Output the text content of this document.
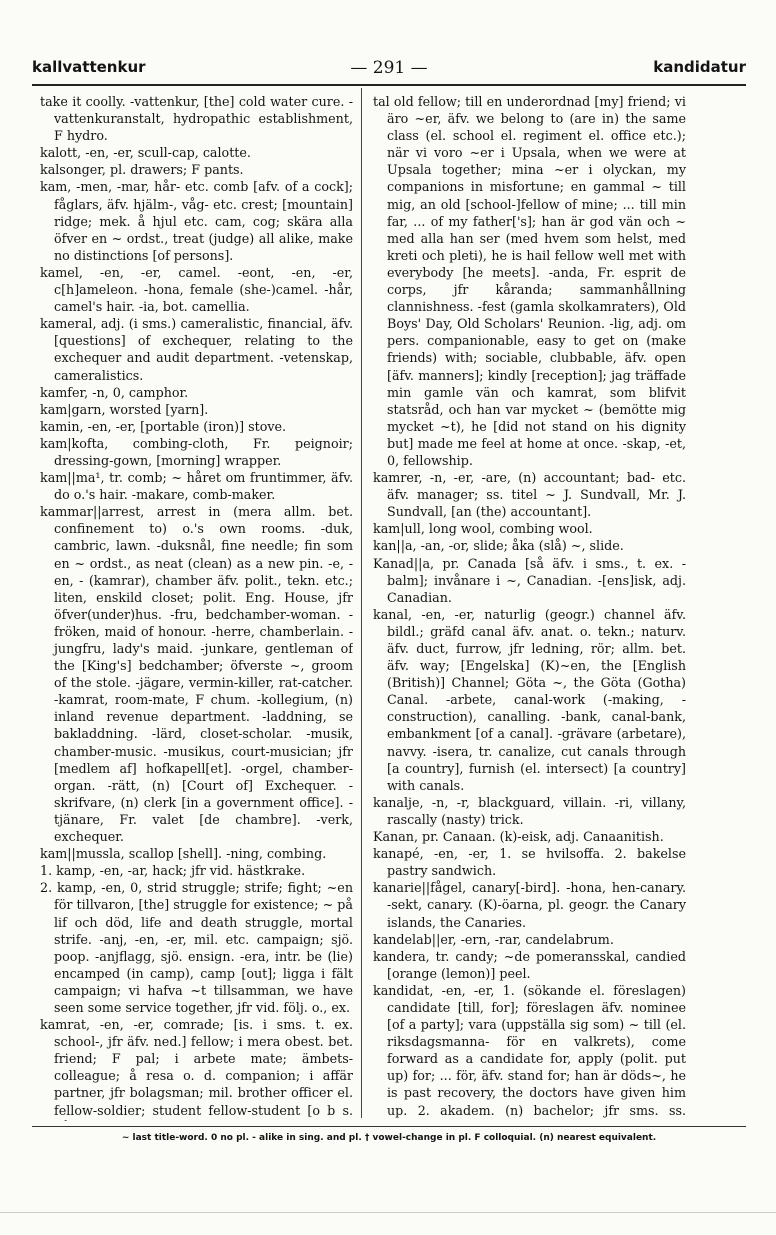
kallvattenkur	— 291 —	kandidatur

take it coolly. -vattenkur, [the] cold water cure. -vattenkuranstalt, hydropathic establishment, F hydro.

kalott, -en, -er, scull-cap, calotte.

kalsonger, pl. drawers; F pants.

kam, -men, -mar, hår- etc. comb [afv. of a cock]; fåglars, äfv. hjälm-, våg- etc. crest; [mountain] ridge; mek. å hjul etc. cam, cog; skära alla öfver en ~ ordst., treat (judge) all alike, make no distinctions [of persons].

kamel, -en, -er, camel. -eont, -en, -er, c[h]ameleon. -hona, female (she-)camel. -hår, camel's hair. -ia, bot. camellia.

kameral, adj. (i sms.) cameralistic, financial, äfv. [questions] of exchequer, relating to the exchequer and audit department. -vetenskap, cameralistics.

kamfer, -n, 0, camphor.

kam|garn, worsted [yarn].

kamin, -en, -er, [portable (iron)] stove.

kam|kofta, combing-cloth, Fr. peignoir; dressing-gown, [morning] wrapper.

kam||ma¹, tr. comb; ~ håret om fruntimmer, äfv. do o.'s hair. -makare, comb-maker.

kammar||arrest, arrest in (mera allm. bet. confinement to) o.'s own rooms. -duk, cambric, lawn. -duksnål, fine needle; fin som en ~ ordst., as neat (clean) as a new pin. -e, -en, - (kamrar), chamber äfv. polit., tekn. etc.; liten, enskild closet; polit. Eng. House, jfr öfver(under)hus. -fru, bedchamber-woman. -fröken, maid of honour. -herre, chamberlain. -jungfru, lady's maid. -junkare, gentleman of the [King's] bedchamber; öfverste ~, groom of the stole. -jägare, vermin-killer, rat-catcher. -kamrat, room-mate, F chum. -kollegium, (n) inland revenue department. -laddning, se bakladdning. -lärd, closet-scholar. -musik, chamber-music. -musikus, court-musician; jfr [medlem af] hofkapell[et]. -orgel, chamber-organ. -rätt, (n) [Court of] Exchequer. -skrifvare, (n) clerk [in a government office]. -tjänare, Fr. valet [de chambre]. -verk, exchequer.

kam||mussla, scallop [shell]. -ning, combing.

1. kamp, -en, -ar, hack; jfr vid. hästkrake.

2. kamp, -en, 0, strid struggle; strife; fight; ~en för tillvaron, [the] struggle for existence; ~ på lif och död, life and death struggle, mortal strife. -anj, -en, -er, mil. etc. campaign; sjö. poop. -anjflagg, sjö. ensign. -era, intr. be (lie) encamped (in camp), camp [out]; ligga i fält campaign; vi hafva ~t tillsamman, we have seen some service together, jfr vid. följ. o., ex.

kamrat, -en, -er, comrade; [is. i sms. t. ex. school-, jfr äfv. ned.] fellow; i mera obest. bet. friend; F pal; i arbete mate; ämbets- colleague; å resa o. d. companion; i affär partner, jfr bolagsman; mil. brother officer el. fellow-soldier; student fellow-student [o b s.

tal old fellow; till en underordnad [my] friend; vi äro ~er, äfv. we belong to (are in) the same class (el. school el. regiment el. office etc.); när vi voro ~er i Upsala, when we were at Upsala together; mina ~er i olyckan, my companions in misfortune; en gammal ~ till mig, an old [school-]fellow of mine; ... till min far, ... of my father['s]; han är god vän och ~ med alla han ser (med hvem som helst, med kreti och pleti), he is hail fellow well met with everybody [he meets]. -anda, Fr. esprit de corps, jfr kåranda; sammanhållning clannishness. -fest (gamla skolkamraters), Old Boys' Day, Old Scholars' Reunion. -lig, adj. om pers. companionable, easy to get on (make friends) with; sociable, clubbable, äfv. open [äfv. manners]; kindly [reception]; jag träffade min gamle vän och kamrat, som blifvit statsråd, och han var mycket ~ (bemötte mig mycket ~t), he [did not stand on his dignity but] made me feel at home at once. -skap, -et, 0, fellowship.

kamrer, -n, -er, -are, (n) accountant; bad- etc. äfv. manager; ss. titel ~ J. Sundvall, Mr. J. Sundvall, [an (the) accountant].

kam|ull, long wool, combing wool.

kan||a, -an, -or, slide; åka (slå) ~, slide.

Kanad||a, pr. Canada [så äfv. i sms., t. ex. -balm]; invånare i ~, Canadian. -[ens]isk, adj. Canadian.

kanal, -en, -er, naturlig (geogr.) channel äfv. bildl.; gräfd canal äfv. anat. o. tekn.; naturv. äfv. duct, furrow, jfr ledning, rör; allm. bet. äfv. way; [Engelska] (K)~en, the [English (British)] Channel; Göta ~, the Göta (Gotha) Canal. -arbete, canal-work (-making, -construction), canalling. -bank, canal-bank, embankment [of a canal]. -grävare (arbetare), navvy. -isera, tr. canalize, cut canals through [a country], furnish (el. intersect) [a country] with canals.

kanalje, -n, -r, blackguard, villain. -ri, villany, rascally (nasty) trick.

Kanan, pr. Canaan. (k)-eisk, adj. Canaanitish.

kanapé, -en, -er, 1. se hvilsoffa. 2. bakelse pastry sandwich.

kanarie||fågel, canary[-bird]. -hona, hen-canary. -sekt, canary. (K)-öarna, pl. geogr. the Canary islands, the Canaries.

kandelab||er, -ern, -rar, candelabrum.

kandera, tr. candy; ~de pomeransskal, candied [orange (lemon)] peel.

kandidat, -en, -er, 1. (sökande el. föreslagen) candidate [till, for]; föreslagen äfv. nominee [of a party]; vara (uppställa sig som) ~ till (el. riksdagsmanna- för en valkrets), come forward as a candidate for, apply (polit. put up) for; ... för, äfv. stand for; han är döds~, he is past recovery, the doctors have given him up. 2. akadem. (n) bachelor; jfr sms. ss.

~ last title-word. 0 no pl. - alike in sing. and pl. † vowel-change in pl. F colloquial. (n) nearest equivalent.
